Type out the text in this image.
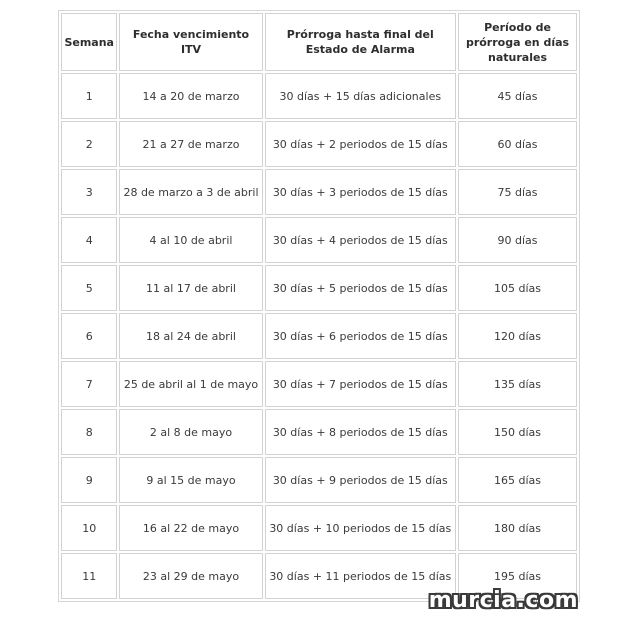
Semana	Fecha vencimiento ITV	Prórroga hasta final del Estado de Alarma	Período de prórroga en días naturales
1	14 a 20 de marzo	30 días + 15 días adicionales	45 días
2	21 a 27 de marzo	30 días + 2 periodos de 15 días	60 días
3	28 de marzo a 3 de abril	30 días + 3 periodos de 15 días	75 días
4	4 al 10 de abril	30 días + 4 periodos de 15 días	90 días
5	11 al 17 de abril	30 días + 5 periodos de 15 días	105 días
6	18 al 24 de abril	30 días + 6 periodos de 15 días	120 días
7	25 de abril al 1 de mayo	30 días + 7 periodos de 15 días	135 días
8	2 al 8 de mayo	30 días + 8 periodos de 15 días	150 días
9	9 al 15 de mayo	30 días + 9 periodos de 15 días	165 días
10	16 al 22 de mayo	30 días + 10 periodos de 15 días	180 días
11	23 al 29 de mayo	30 días + 11 periodos de 15 días	195 días
murcia.com
